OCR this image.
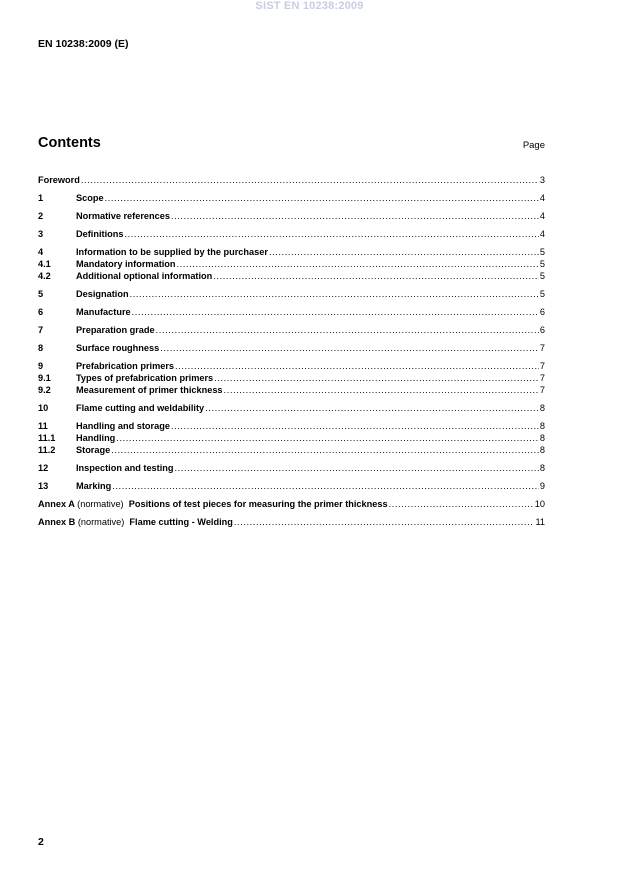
SIST EN 10238:2009
EN 10238:2009 (E)
Contents	Page
Foreword .....	3
1	Scope .....	4
2	Normative references .....	4
3	Definitions .....	4
4	Information to be supplied by the purchaser .....	5
4.1	Mandatory information .....	5
4.2	Additional optional information .....	5
5	Designation .....	5
6	Manufacture .....	6
7	Preparation grade .....	6
8	Surface roughness .....	7
9	Prefabrication primers .....	7
9.1	Types of prefabrication primers .....	7
9.2	Measurement of primer thickness .....	7
10	Flame cutting and weldability .....	8
11	Handling and storage .....	8
11.1	Handling .....	8
11.2	Storage .....	8
12	Inspection and testing .....	8
13	Marking .....	9
Annex A (normative) Positions of test pieces for measuring the primer thickness .....	10
Annex B (normative) Flame cutting - Welding .....	11
2
